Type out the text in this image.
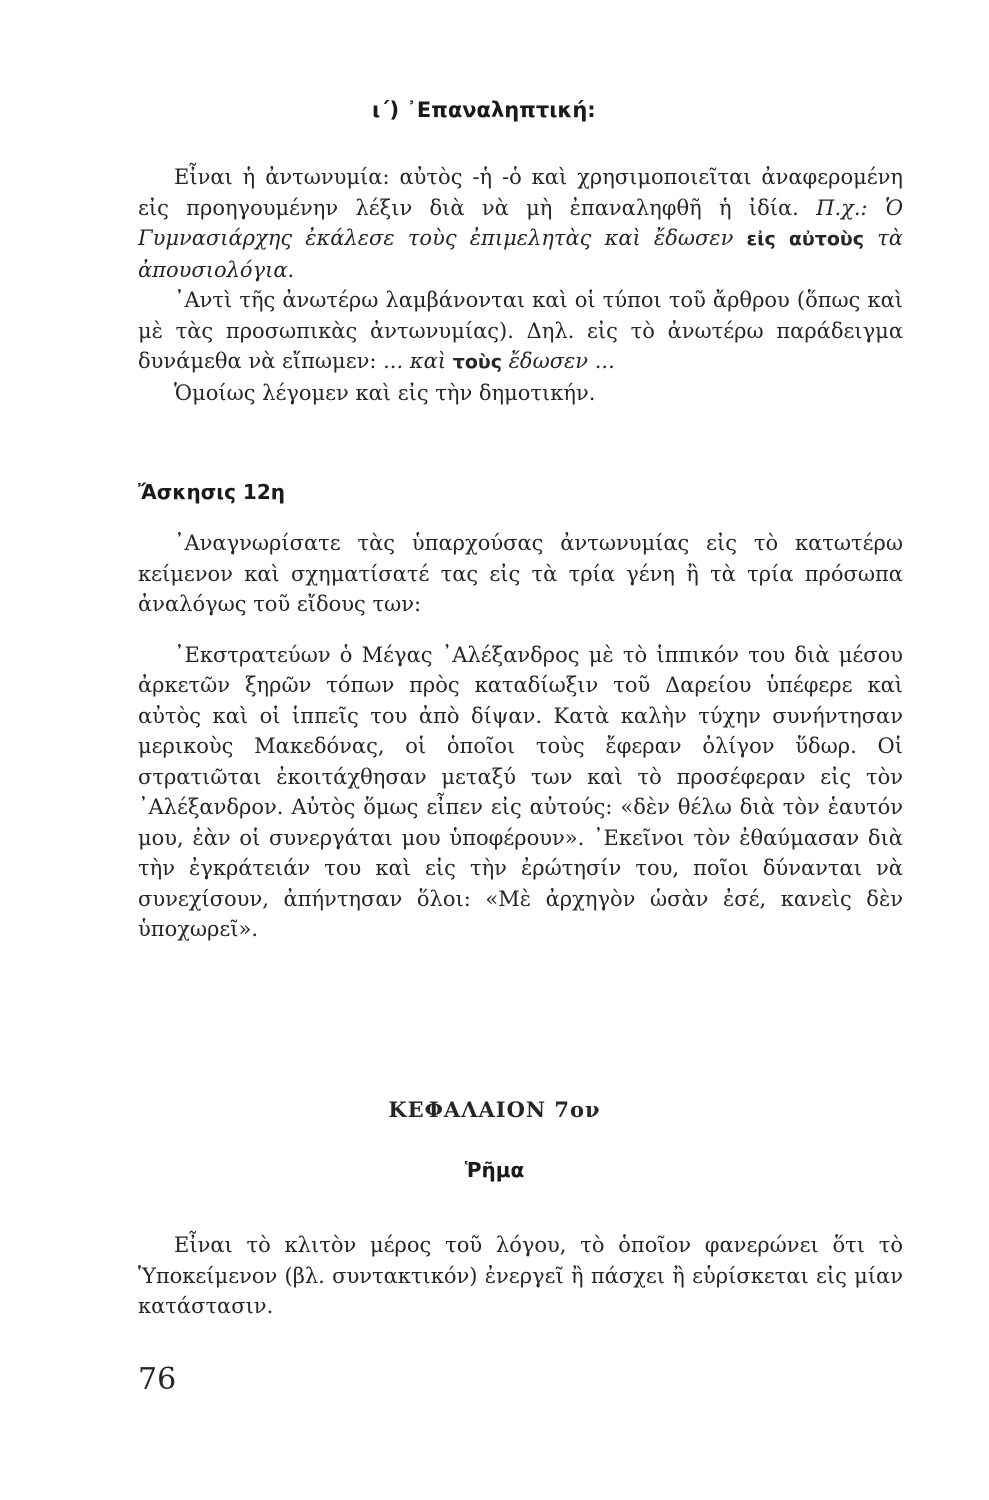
ι΄) ᾿Επαναληπτική:

Εἶναι ἡ ἀντωνυμία: αὐτὸς -ἡ -ὁ καὶ χρησιμοποιεῖται ἀναφερομένη εἰς προηγουμένην λέξιν διὰ νὰ μὴ ἐπαναληφθῆ ἡ ἰδία. Π.χ.: Ὁ Γυμνασιάρχης ἐκάλεσε τοὺς ἐπιμελητὰς καὶ ἔδωσεν εἰς αὐτοὺς τὰ ἀπουσιολόγια.

᾿Αντὶ τῆς ἀνωτέρω λαμβάνονται καὶ οἱ τύποι τοῦ ἄρθρου (ὅπως καὶ μὲ τὰς προσωπικὰς ἀντωνυμίας). Δηλ. εἰς τὸ ἀνωτέρω παράδειγμα δυνάμεθα νὰ εἴπωμεν: ... καὶ τοὺς ἔδωσεν ...

Ὁμοίως λέγομεν καὶ εἰς τὴν δημοτικήν.

Ἄσκησις 12η

᾿Αναγνωρίσατε τὰς ὑπαρχούσας ἀντωνυμίας εἰς τὸ κατωτέρω κείμενον καὶ σχηματίσατέ τας εἰς τὰ τρία γένη ἢ τὰ τρία πρόσωπα ἀναλόγως τοῦ εἴδους των:

᾿Εκστρατεύων ὁ Μέγας ᾿Αλέξανδρος μὲ τὸ ἱππικόν του διὰ μέσου ἀρκετῶν ξηρῶν τόπων πρὸς καταδίωξιν τοῦ Δαρείου ὑπέφερε καὶ αὐτὸς καὶ οἱ ἱππεῖς του ἀπὸ δίψαν. Κατὰ καλὴν τύχην συνήντησαν μερικοὺς Μακεδόνας, οἱ ὁποῖοι τοὺς ἔφεραν ὀλίγον ὕδωρ. Οἱ στρατιῶται ἐκοιτάχθησαν μεταξύ των καὶ τὸ προσέφεραν εἰς τὸν ᾿Αλέξανδρον. Αὐτὸς ὅμως εἶπεν εἰς αὐτούς: «δὲν θέλω διὰ τὸν ἑαυτόν μου, ἐὰν οἱ συνεργάται μου ὑποφέρουν». ᾿Εκεῖνοι τὸν ἐθαύμασαν διὰ τὴν ἐγκράτειάν του καὶ εἰς τὴν ἐρώτησίν του, ποῖοι δύνανται νὰ συνεχίσουν, ἀπήντησαν ὅλοι: «Μὲ ἀρχηγὸν ὡσὰν ἐσέ, κανεὶς δὲν ὑποχωρεῖ».

ΚΕΦΑΛΑΙΟΝ 7ον
Ῥῆμα

Εἶναι τὸ κλιτὸν μέρος τοῦ λόγου, τὸ ὁποῖον φανερώνει ὅτι τὸ Ὑποκείμενον (βλ. συντακτικόν) ἐνεργεῖ ἢ πάσχει ἢ εὑρίσκεται εἰς μίαν κατάστασιν.

76
